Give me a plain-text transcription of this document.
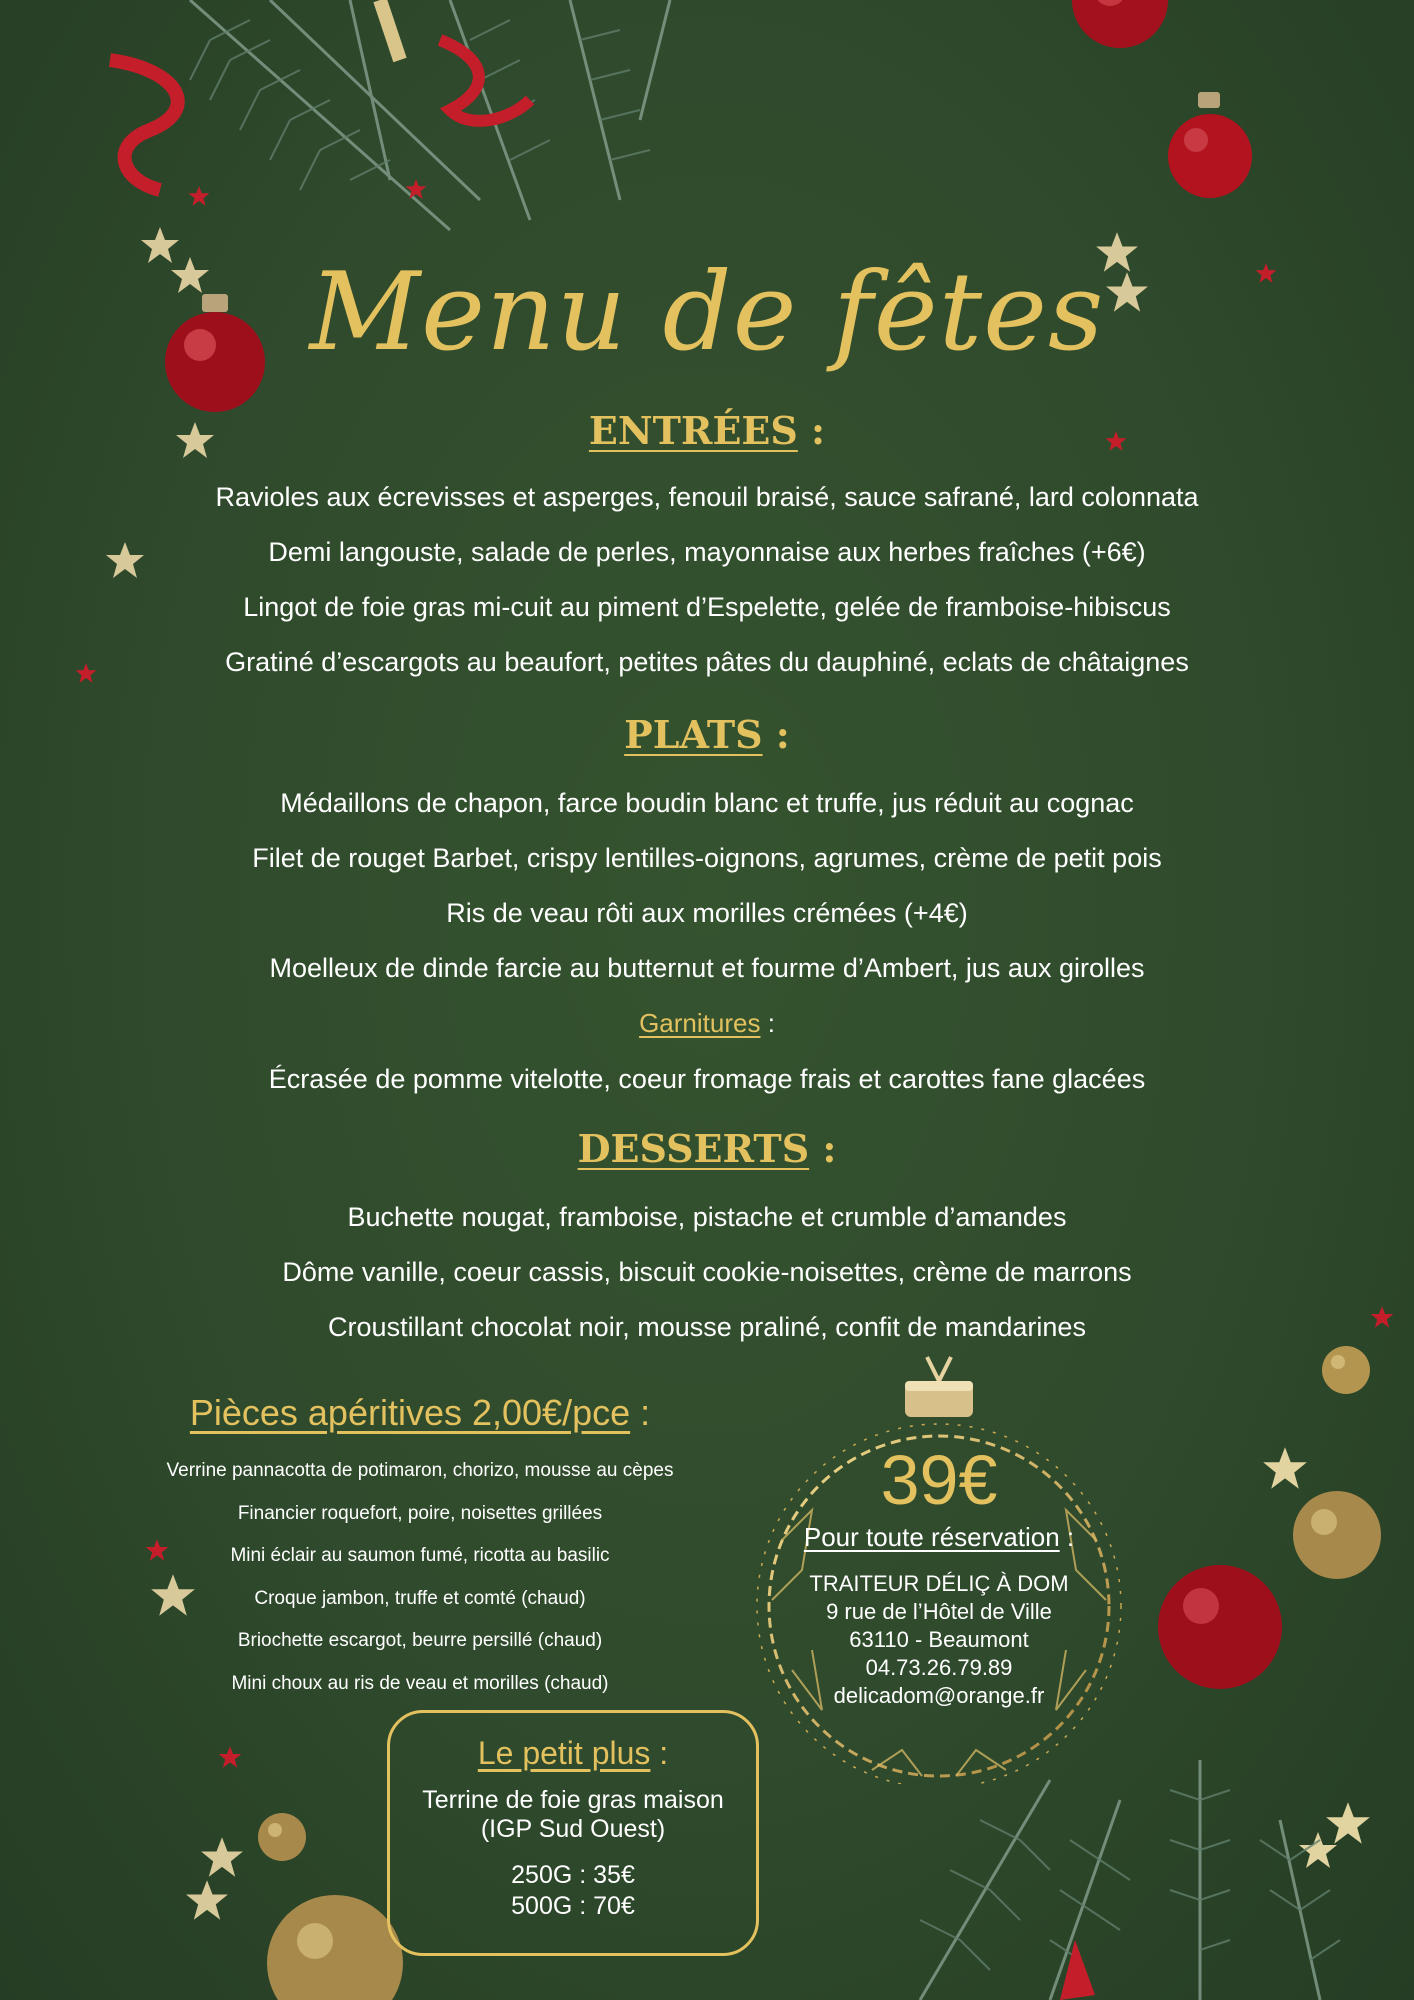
Menu de fêtes
ENTRÉES :
Ravioles aux écrevisses et asperges, fenouil braisé, sauce safrané, lard colonnata
Demi langouste, salade de perles, mayonnaise aux herbes fraîches (+6€)
Lingot de foie gras mi-cuit au piment d’Espelette, gelée de framboise-hibiscus
Gratiné d’escargots au beaufort, petites pâtes du dauphiné, eclats de châtaignes
PLATS :
Médaillons de chapon, farce boudin blanc et truffe, jus réduit au cognac
Filet de rouget Barbet, crispy lentilles-oignons, agrumes, crème de petit pois
Ris de veau rôti aux morilles crémées (+4€)
Moelleux de dinde farcie au butternut et fourme d’Ambert, jus aux girolles
Garnitures :
Écrasée de pomme vitelotte, coeur fromage frais et carottes fane glacées
DESSERTS :
Buchette nougat, framboise, pistache et crumble d’amandes
Dôme vanille, coeur cassis, biscuit cookie-noisettes, crème de marrons
Croustillant chocolat noir, mousse praliné, confit de mandarines
Pièces apéritives 2,00€/pce :
Verrine pannacotta de potimaron, chorizo, mousse au cèpes
Financier roquefort, poire, noisettes grillées
Mini éclair au saumon fumé, ricotta au basilic
Croque jambon, truffe et comté (chaud)
Briochette escargot, beurre persillé (chaud)
Mini choux au ris de veau et morilles (chaud)
Le petit plus :
Terrine de foie gras maison
(IGP Sud Ouest)
250G : 35€
500G : 70€
39€
Pour toute réservation :
TRAITEUR DÉLIÇ À DOM
9 rue de l’Hôtel de Ville
63110 - Beaumont
04.73.26.79.89
delicadom@orange.fr
